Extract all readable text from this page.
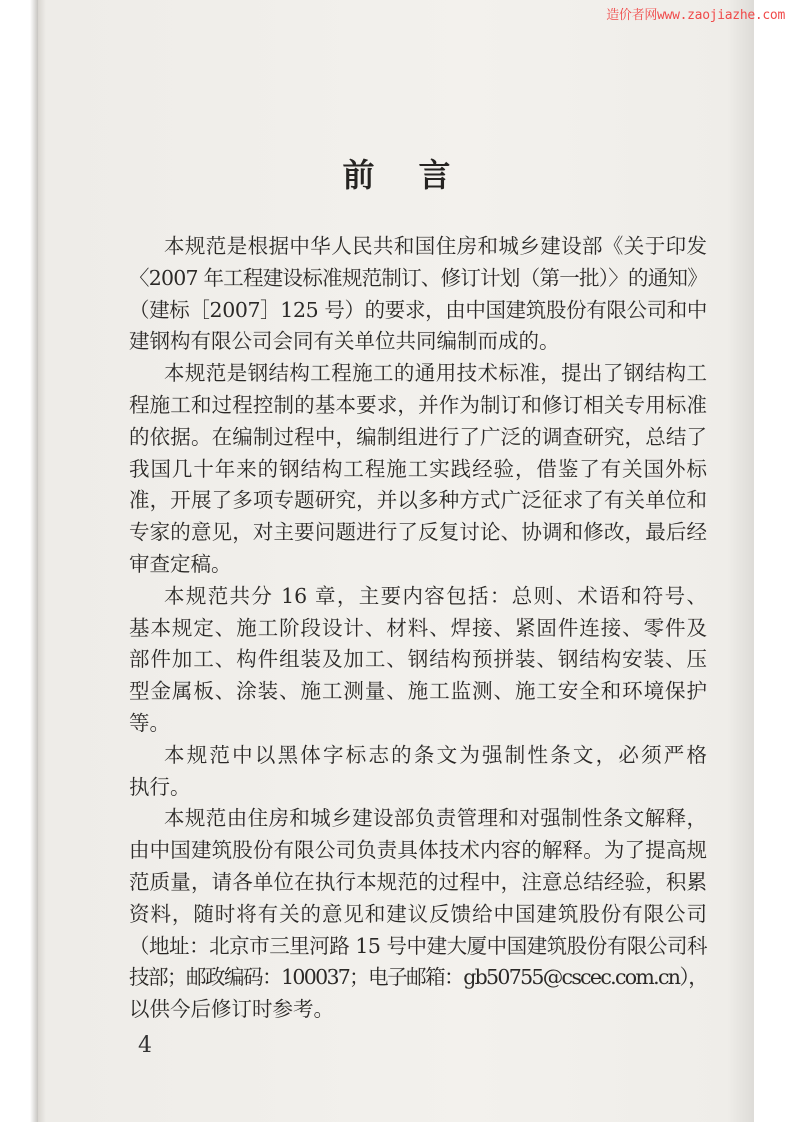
造价者网www.zaojiazhe.com
前 言
本规范是根据中华人民共和国住房和城乡建设部《关于印发
〈2007 年工程建设标准规范制订、修订计划（第一批）〉的通知》
（建标［2007］125 号）的要求，由中国建筑股份有限公司和中
建钢构有限公司会同有关单位共同编制而成的。
本规范是钢结构工程施工的通用技术标准，提出了钢结构工
程施工和过程控制的基本要求，并作为制订和修订相关专用标准
的依据。在编制过程中，编制组进行了广泛的调查研究，总结了
我国几十年来的钢结构工程施工实践经验，借鉴了有关国外标
准，开展了多项专题研究，并以多种方式广泛征求了有关单位和
专家的意见，对主要问题进行了反复讨论、协调和修改，最后经
审查定稿。
本规范共分 16 章，主要内容包括：总则、术语和符号、
基本规定、施工阶段设计、材料、焊接、紧固件连接、零件及
部件加工、构件组装及加工、钢结构预拼装、钢结构安装、压
型金属板、涂装、施工测量、施工监测、施工安全和环境保护
等。
本规范中以黑体字标志的条文为强制性条文，必须严格
执行。
本规范由住房和城乡建设部负责管理和对强制性条文解释，
由中国建筑股份有限公司负责具体技术内容的解释。为了提高规
范质量，请各单位在执行本规范的过程中，注意总结经验，积累
资料，随时将有关的意见和建议反馈给中国建筑股份有限公司
（地址：北京市三里河路 15 号中建大厦中国建筑股份有限公司科
技部；邮政编码：100037；电子邮箱：gb50755@cscec.com.cn），
以供今后修订时参考。
4
